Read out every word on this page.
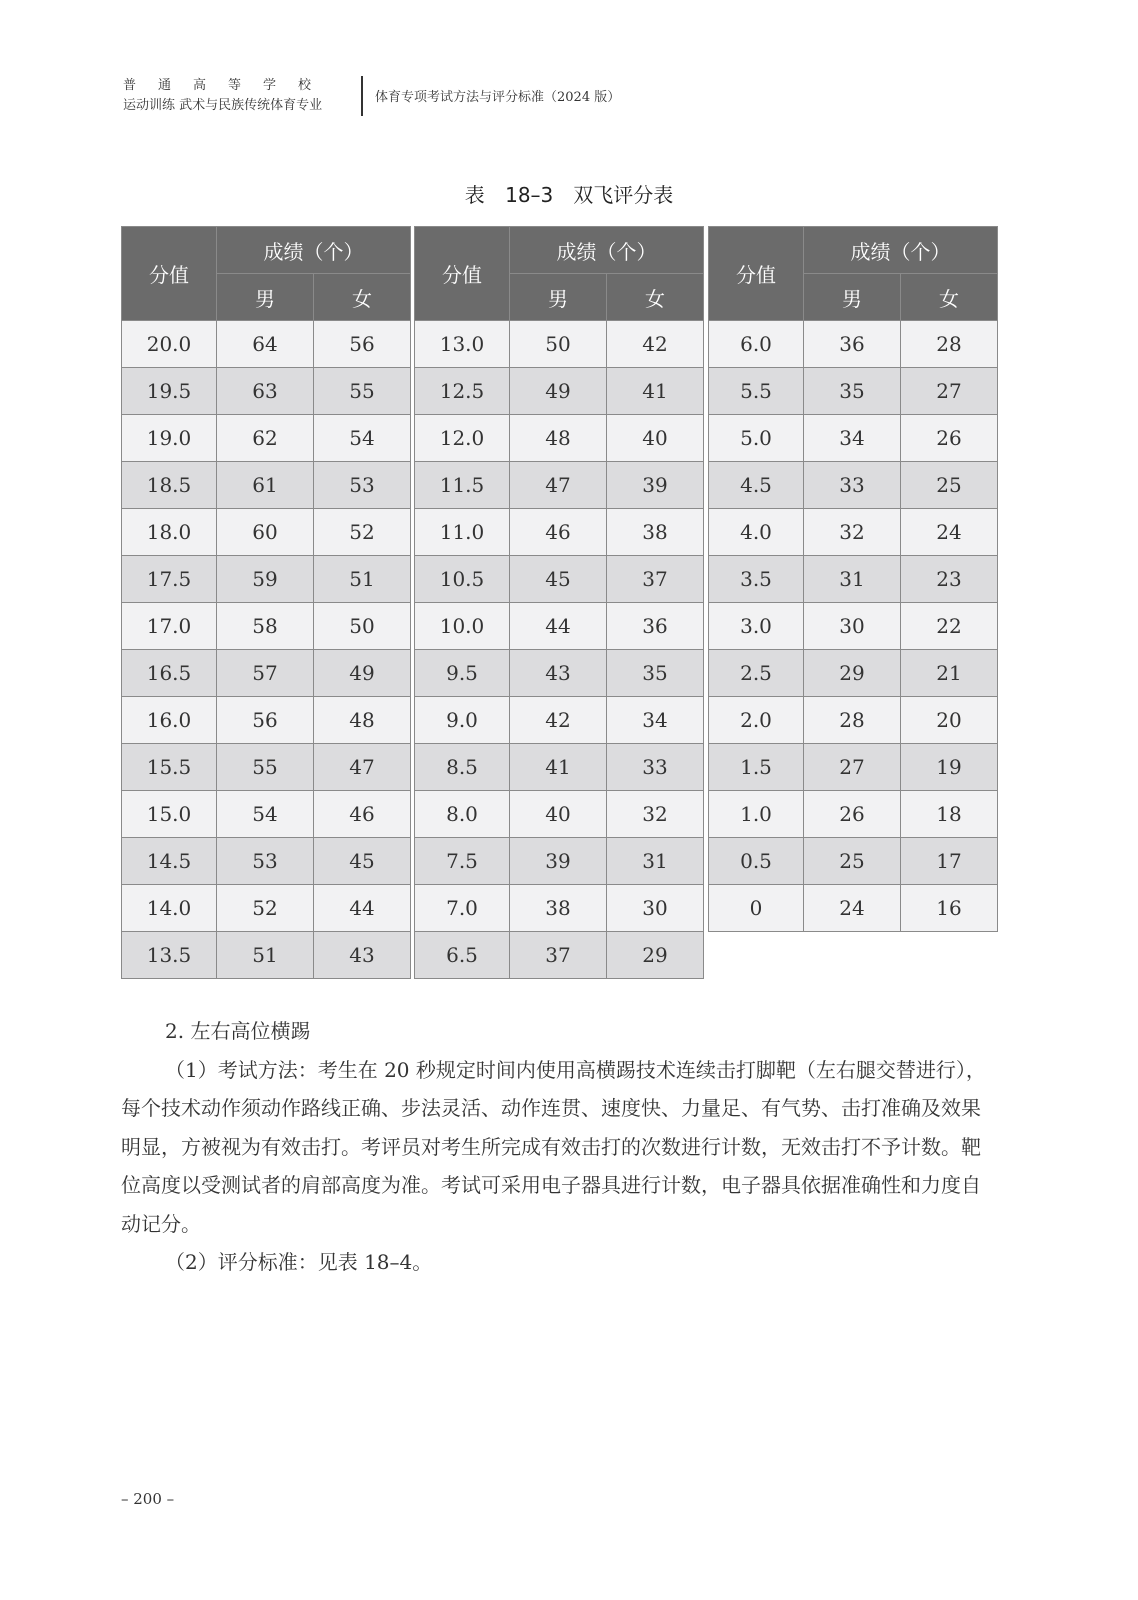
普通高等学校
运动训练 武术与民族传统体育专业
体育专项考试方法与评分标准（2024 版）
表 18–3　双飞评分表
分值	成绩（个）	
	男	女
20.0	64	56
19.5	63	55
19.0	62	54
18.5	61	53
18.0	60	52
17.5	59	51
17.0	58	50
16.5	57	49
16.0	56	48
15.5	55	47
15.0	54	46
14.5	53	45
14.0	52	44
13.5	51	43
分值	成绩（个）	
	男	女
13.0	50	42
12.5	49	41
12.0	48	40
11.5	47	39
11.0	46	38
10.5	45	37
10.0	44	36
9.5	43	35
9.0	42	34
8.5	41	33
8.0	40	32
7.5	39	31
7.0	38	30
6.5	37	29
分值	成绩（个）	
	男	女
6.0	36	28
5.5	35	27
5.0	34	26
4.5	33	25
4.0	32	24
3.5	31	23
3.0	30	22
2.5	29	21
2.0	28	20
1.5	27	19
1.0	26	18
0.5	25	17
0	24	16

2. 左右高位横踢

（1）考试方法：考生在 20 秒规定时间内使用高横踢技术连续击打脚靶（左右腿交替进行），每个技术动作须动作路线正确、步法灵活、动作连贯、速度快、力量足、有气势、击打准确及效果明显，方被视为有效击打。考评员对考生所完成有效击打的次数进行计数，无效击打不予计数。靶位高度以受测试者的肩部高度为准。考试可采用电子器具进行计数，电子器具依据准确性和力度自动记分。

（2）评分标准：见表 18–4。

– 200 –
